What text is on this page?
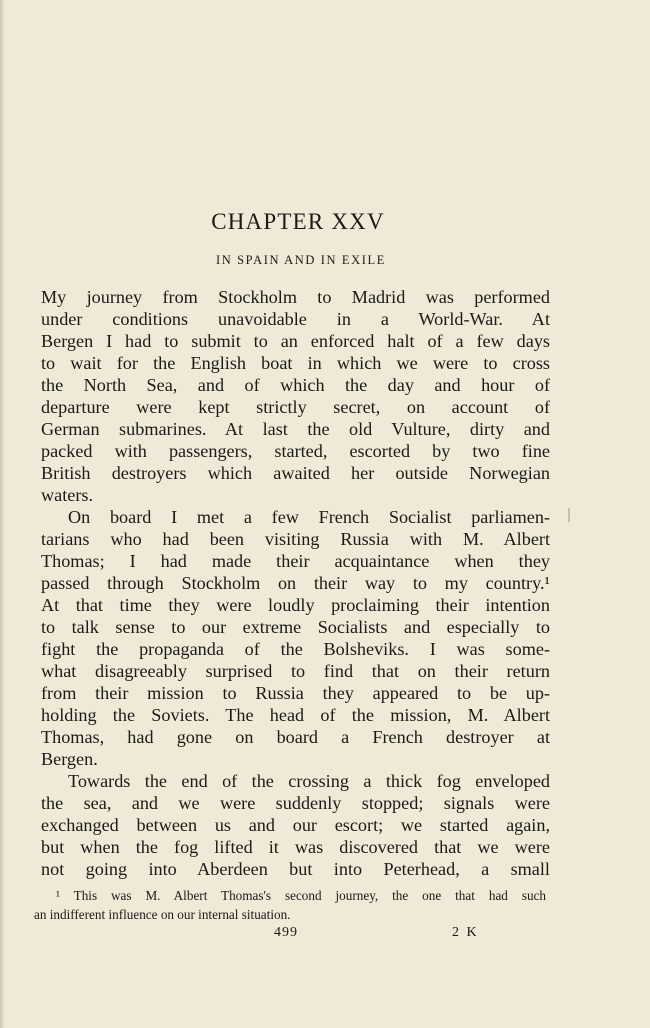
CHAPTER XXV
IN SPAIN AND IN EXILE
My journey from Stockholm to Madrid was performed
under conditions unavoidable in a World-War. At
Bergen I had to submit to an enforced halt of a few days
to wait for the English boat in which we were to cross
the North Sea, and of which the day and hour of
departure were kept strictly secret, on account of
German submarines. At last the old Vulture, dirty and
packed with passengers, started, escorted by two fine
British destroyers which awaited her outside Norwegian
waters.
On board I met a few French Socialist parliamen-
tarians who had been visiting Russia with M. Albert
Thomas; I had made their acquaintance when they
passed through Stockholm on their way to my country.¹
At that time they were loudly proclaiming their intention
to talk sense to our extreme Socialists and especially to
fight the propaganda of the Bolsheviks. I was some-
what disagreeably surprised to find that on their return
from their mission to Russia they appeared to be up-
holding the Soviets. The head of the mission, M. Albert
Thomas, had gone on board a French destroyer at
Bergen.
Towards the end of the crossing a thick fog enveloped
the sea, and we were suddenly stopped; signals were
exchanged between us and our escort; we started again,
but when the fog lifted it was discovered that we were
not going into Aberdeen but into Peterhead, a small
¹ This was M. Albert Thomas's second journey, the one that had such
an indifferent influence on our internal situation.
499	2 K
